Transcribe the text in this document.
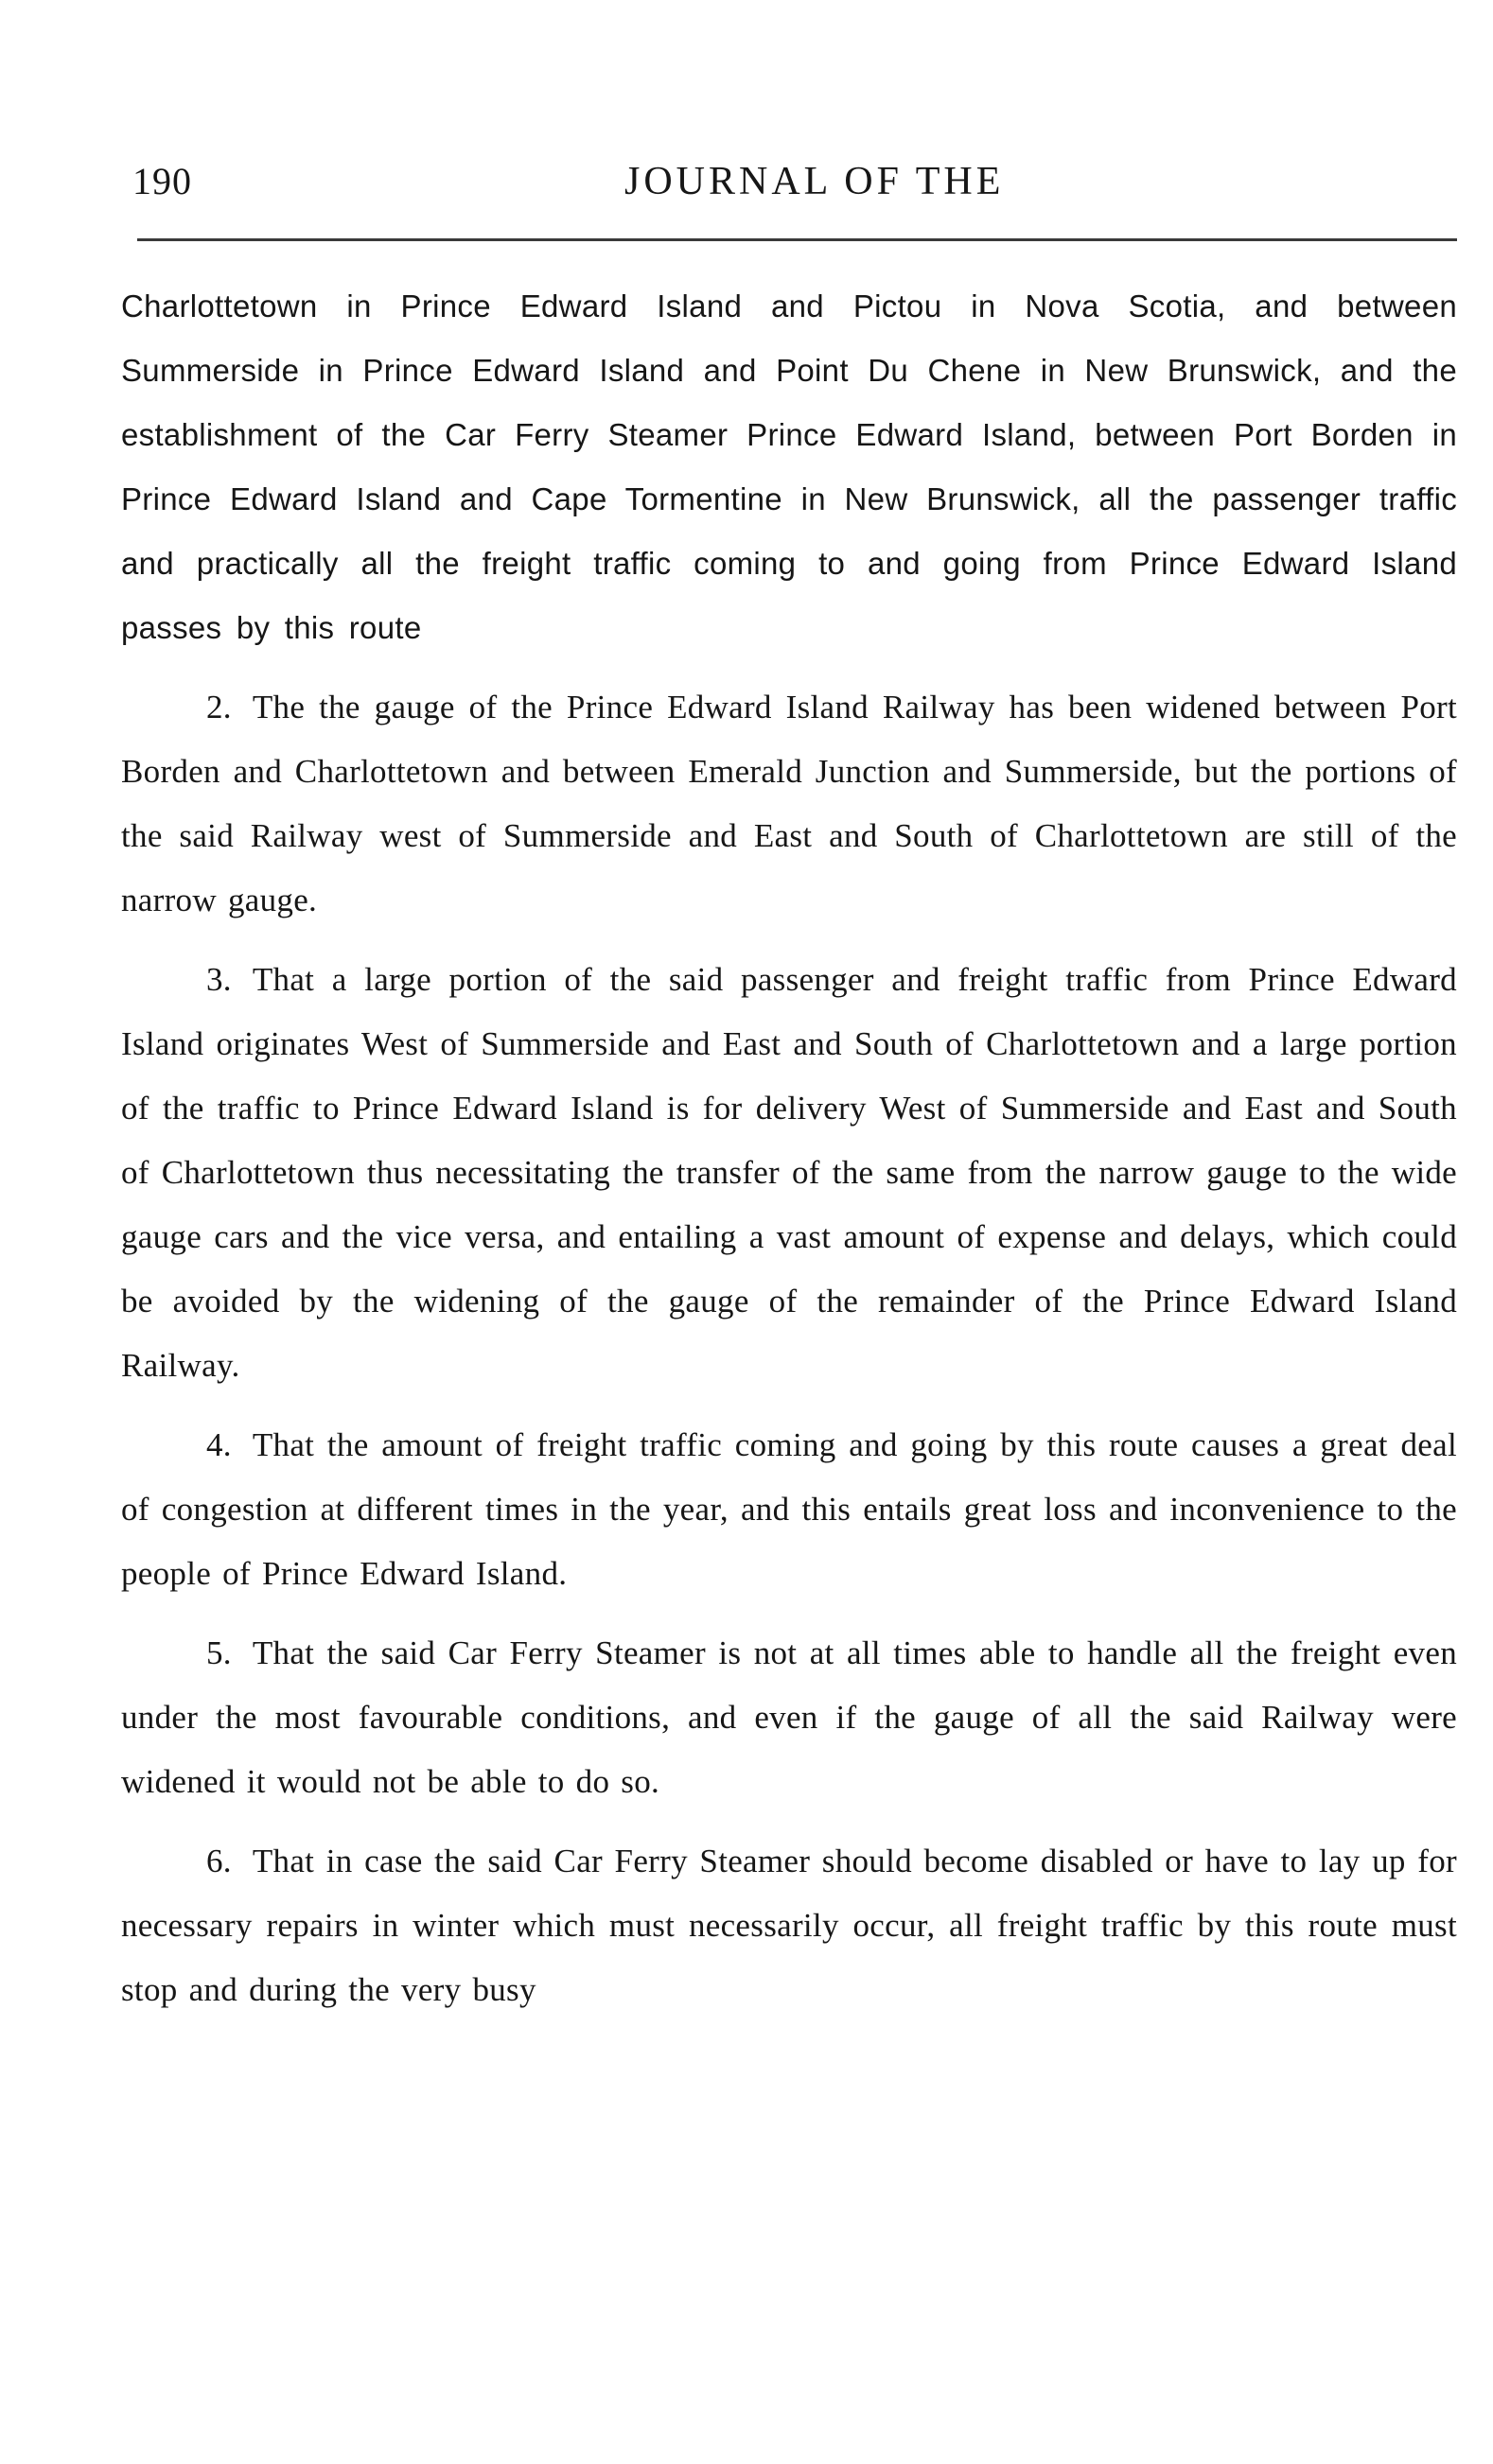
190	JOURNAL OF THE

Charlottetown in Prince Edward Island and Pictou in Nova Scotia, and between Summerside in Prince Edward Island and Point Du Chene in New Brunswick, and the establishment of the Car Ferry Steamer Prince Edward Island, between Port Borden in Prince Edward Island and Cape Tormentine in New Brunswick, all the passenger traffic and practically all the freight traffic coming to and going from Prince Edward Island passes by this route

2. The the gauge of the Prince Edward Island Railway has been widened between Port Borden and Charlottetown and between Emerald Junction and Summerside, but the portions of the said Railway west of Summerside and East and South of Charlottetown are still of the narrow gauge.

3. That a large portion of the said passenger and freight traffic from Prince Edward Island originates West of Summerside and East and South of Charlottetown and a large portion of the traffic to Prince Edward Island is for delivery West of Summerside and East and South of Charlottetown thus necessitating the transfer of the same from the narrow gauge to the wide gauge cars and the vice versa, and entailing a vast amount of expense and delays, which could be avoided by the widening of the gauge of the remainder of the Prince Edward Island Railway.

4. That the amount of freight traffic coming and going by this route causes a great deal of congestion at different times in the year, and this entails great loss and inconvenience to the people of Prince Edward Island.

5. That the said Car Ferry Steamer is not at all times able to handle all the freight even under the most favourable conditions, and even if the gauge of all the said Railway were widened it would not be able to do so.

6. That in case the said Car Ferry Steamer should become disabled or have to lay up for necessary repairs in winter which must necessarily occur, all freight traffic by this route must stop and during the very busy
